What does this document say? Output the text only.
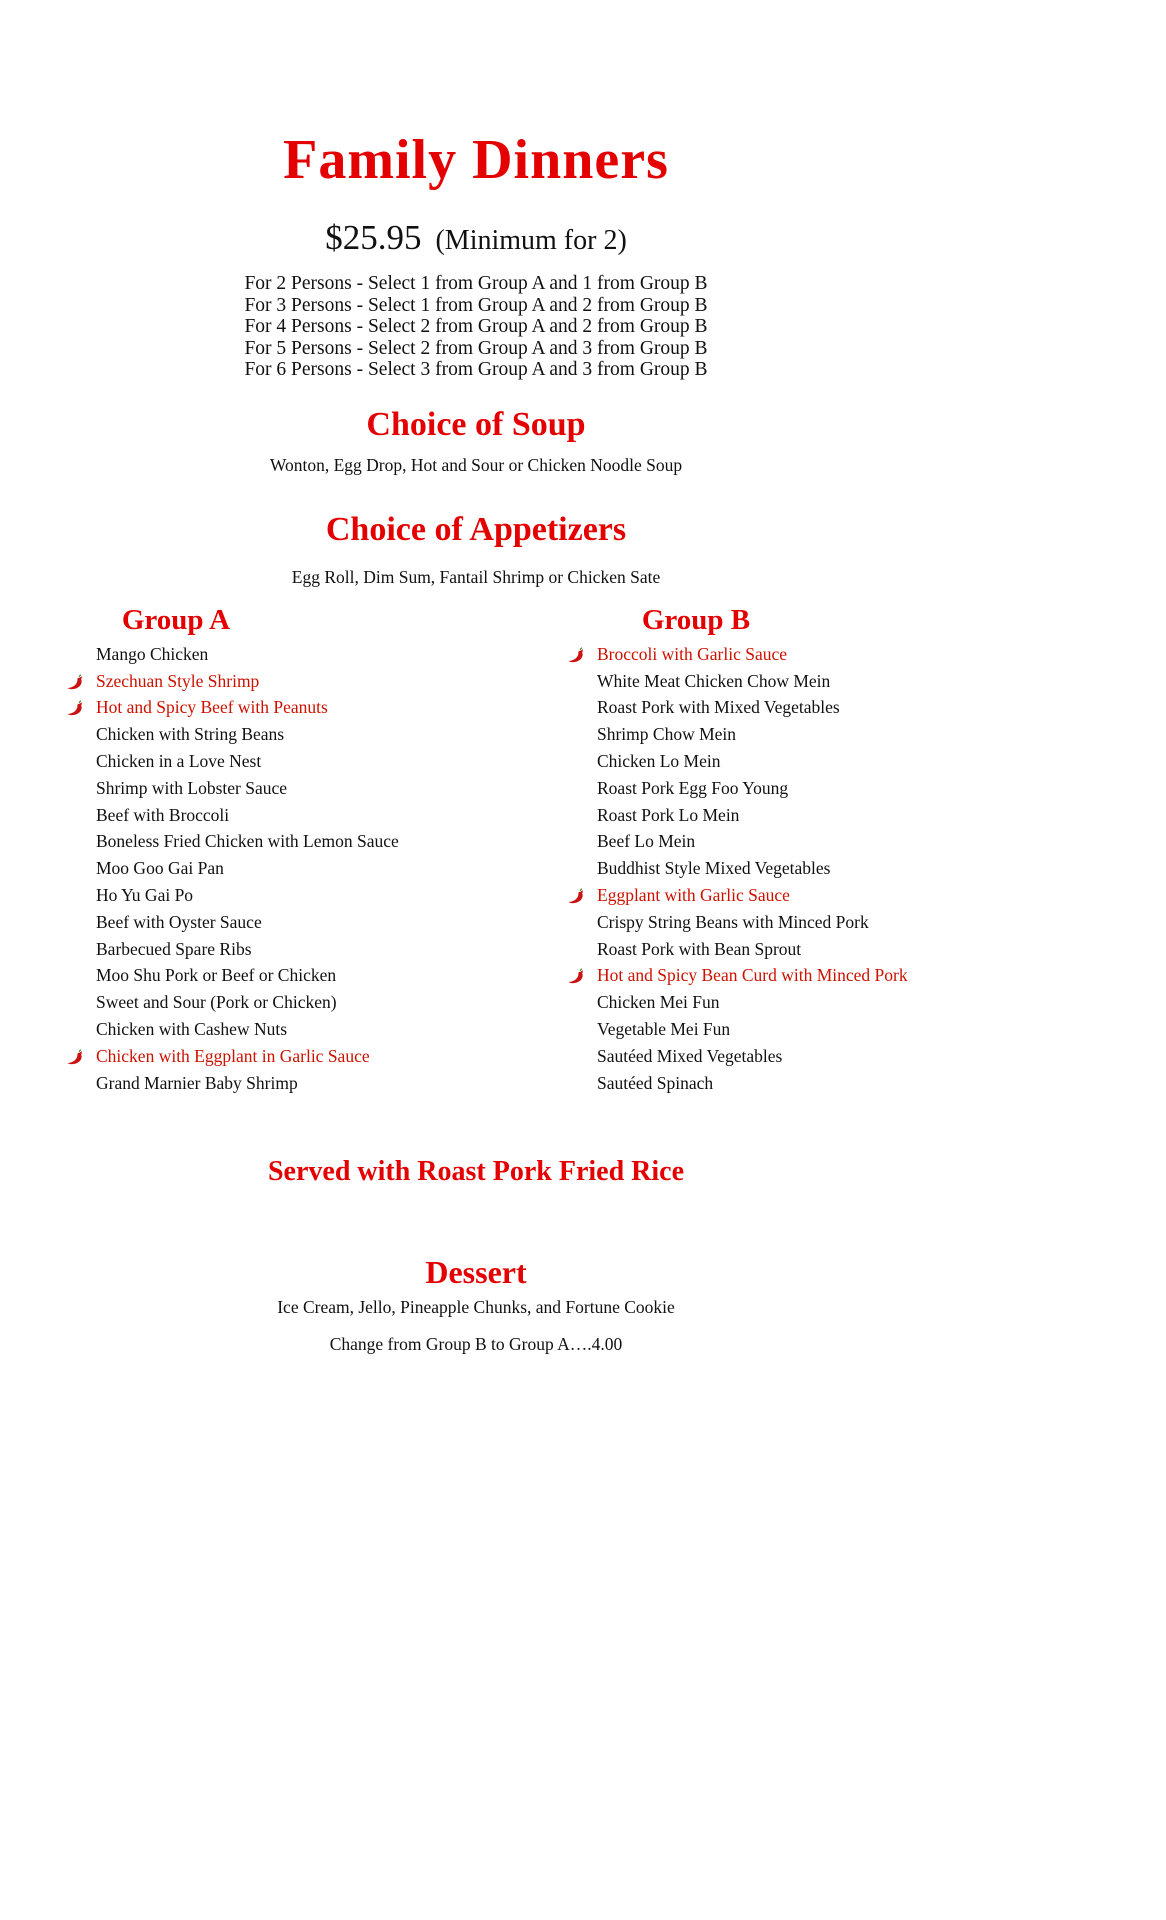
Family Dinners
$25.95 (Minimum for 2)
For 2 Persons - Select 1 from Group A and 1 from Group B
For 3 Persons - Select 1 from Group A and 2 from Group B
For 4 Persons - Select 2 from Group A and 2 from Group B
For 5 Persons - Select 2 from Group A and 3 from Group B
For 6 Persons - Select 3 from Group A and 3 from Group B
Choice of Soup
Wonton, Egg Drop, Hot and Sour or Chicken Noodle Soup
Choice of Appetizers
Egg Roll, Dim Sum, Fantail Shrimp or Chicken Sate
Group A	Group B
Mango Chicken
Szechuan Style Shrimp
Hot and Spicy Beef with Peanuts
Chicken with String Beans
Chicken in a Love Nest
Shrimp with Lobster Sauce
Beef with Broccoli
Boneless Fried Chicken with Lemon Sauce
Moo Goo Gai Pan
Ho Yu Gai Po
Beef with Oyster Sauce
Barbecued Spare Ribs
Moo Shu Pork or Beef or Chicken
Sweet and Sour (Pork or Chicken)
Chicken with Cashew Nuts
Chicken with Eggplant in Garlic Sauce
Grand Marnier Baby Shrimp
Broccoli with Garlic Sauce
White Meat Chicken Chow Mein
Roast Pork with Mixed Vegetables
Shrimp Chow Mein
Chicken Lo Mein
Roast Pork Egg Foo Young
Roast Pork Lo Mein
Beef Lo Mein
Buddhist Style Mixed Vegetables
Eggplant with Garlic Sauce
Crispy String Beans with Minced Pork
Roast Pork with Bean Sprout
Hot and Spicy Bean Curd with Minced Pork
Chicken Mei Fun
Vegetable Mei Fun
Sautéed Mixed Vegetables
Sautéed Spinach
Served with Roast Pork Fried Rice
Dessert
Ice Cream, Jello, Pineapple Chunks, and Fortune Cookie
Change from Group B to Group A….4.00
